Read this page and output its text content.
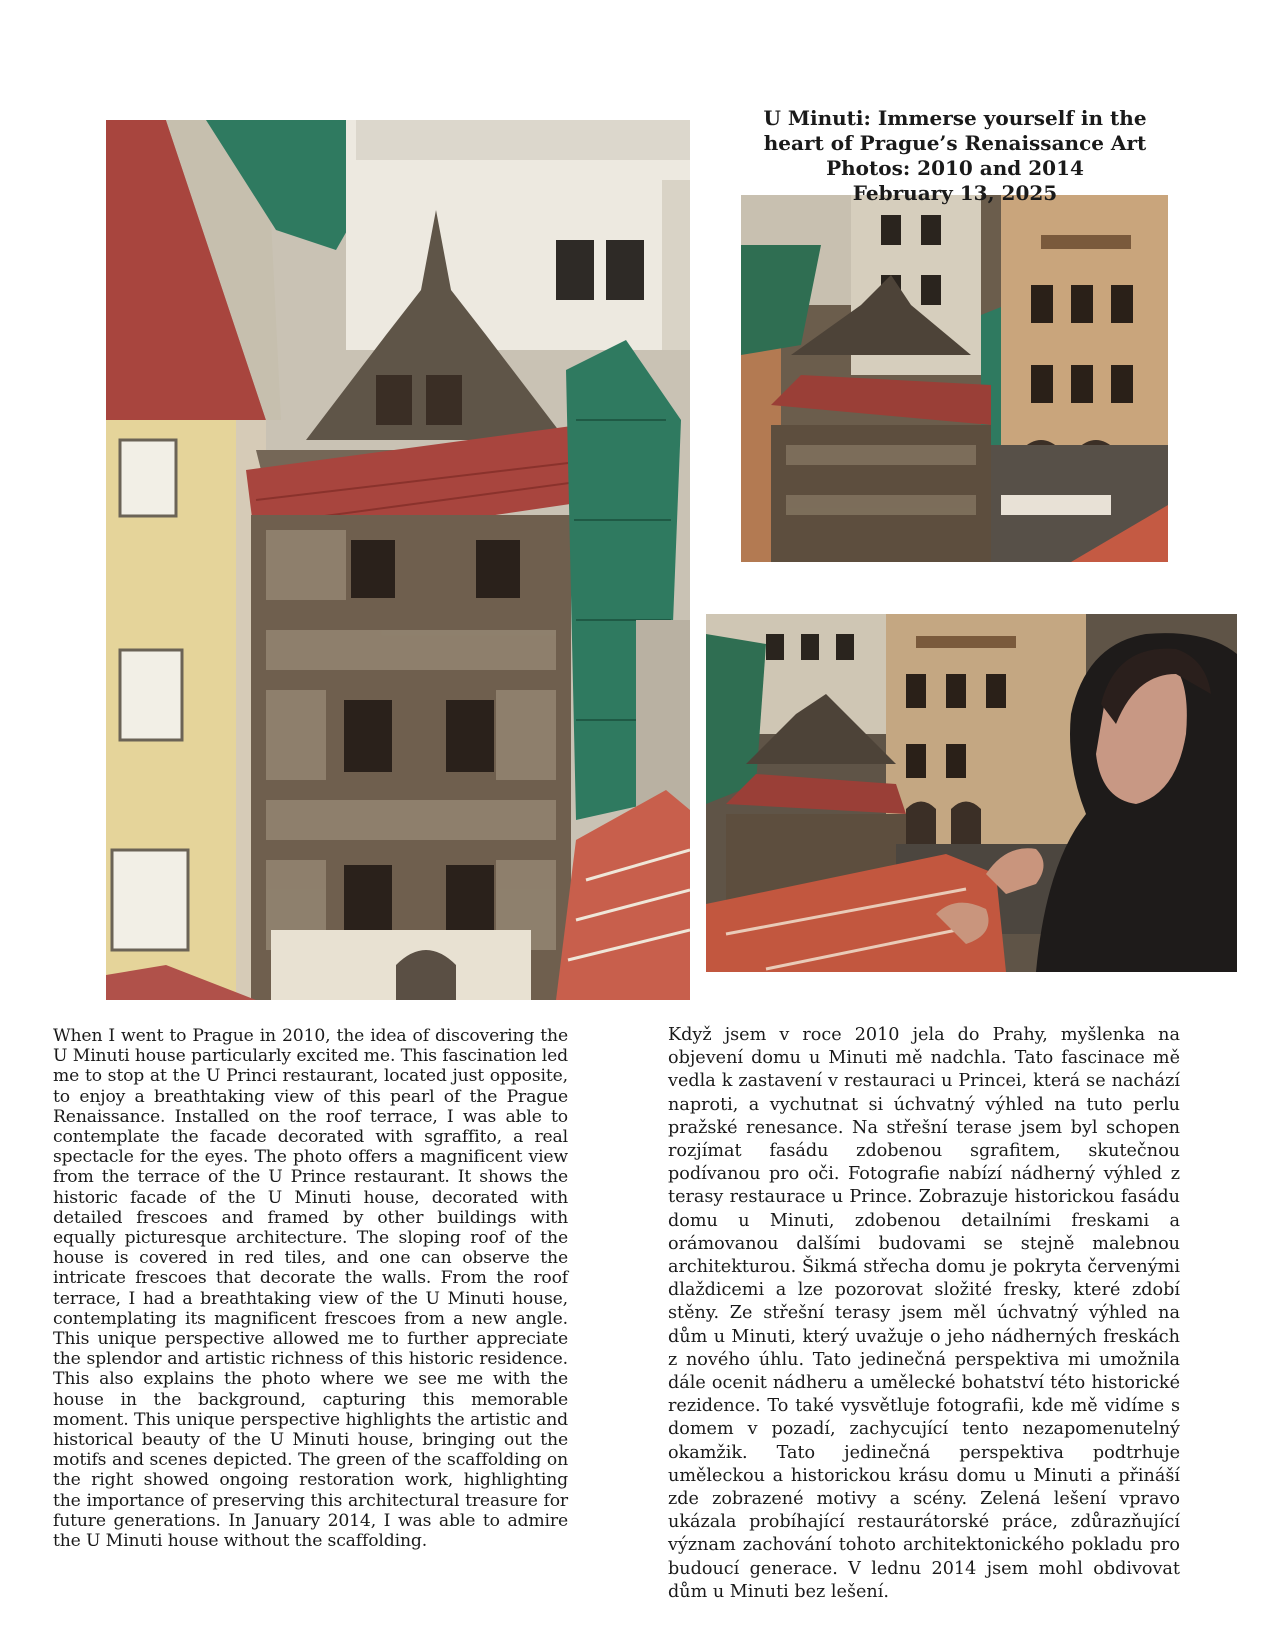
U Minuti: Immerse yourself in the
heart of Prague’s Renaissance Art
Photos: 2010 and 2014
February 13, 2025

When I went to Prague in 2010, the idea of discovering the U Minuti house particularly excited me. This fascination led me to stop at the U Princi restaurant, located just opposite, to enjoy a breathtaking view of this pearl of the Prague Renaissance. Installed on the roof terrace, I was able to contemplate the facade decorated with sgraffito, a real spectacle for the eyes. The photo offers a magnificent view from the terrace of the U Prince restaurant. It shows the historic facade of the U Minuti house, decorated with detailed frescoes and framed by other buildings with equally picturesque architecture. The sloping roof of the house is covered in red tiles, and one can observe the intricate frescoes that decorate the walls. From the roof terrace, I had a breathtaking view of the U Minuti house, contemplating its magnificent frescoes from a new angle. This unique perspective allowed me to further appreciate the splendor and artistic richness of this historic residence. This also explains the photo where we see me with the house in the background, capturing this memorable moment. This unique perspective highlights the artistic and historical beauty of the U Minuti house, bringing out the motifs and scenes depicted. The green of the scaffolding on the right showed ongoing restoration work, highlighting the importance of preserving this architectural treasure for future generations. In January 2014, I was able to admire the U Minuti house without the scaffolding.

Když jsem v roce 2010 jela do Prahy, myšlenka na objevení domu u Minuti mě nadchla. Tato fascinace mě vedla k zastavení v restauraci u Princei, která se nachází naproti, a vychutnat si úchvatný výhled na tuto perlu pražské renesance. Na střešní terase jsem byl schopen rozjímat fasádu zdobenou sgrafitem, skutečnou podívanou pro oči. Fotografie nabízí nádherný výhled z terasy restaurace u Prince. Zobrazuje historickou fasádu domu u Minuti, zdobenou detailními freskami a orámovanou dalšími budovami se stejně malebnou architekturou. Šikmá střecha domu je pokryta červenými dlaždicemi a lze pozorovat složité fresky, které zdobí stěny. Ze střešní terasy jsem měl úchvatný výhled na dům u Minuti, který uvažuje o jeho nádherných freskách z nového úhlu. Tato jedinečná perspektiva mi umožnila dále ocenit nádheru a umělecké bohatství této historické rezidence. To také vysvětluje fotografii, kde mě vidíme s domem v pozadí, zachycující tento nezapomenutelný okamžik. Tato jedinečná perspektiva podtrhuje uměleckou a historickou krásu domu u Minuti a přináší zde zobrazené motivy a scény. Zelená lešení vpravo ukázala probíhající restaurátorské práce, zdůrazňující význam zachování tohoto architektonického pokladu pro budoucí generace. V lednu 2014 jsem mohl obdivovat dům u Minuti bez lešení.
